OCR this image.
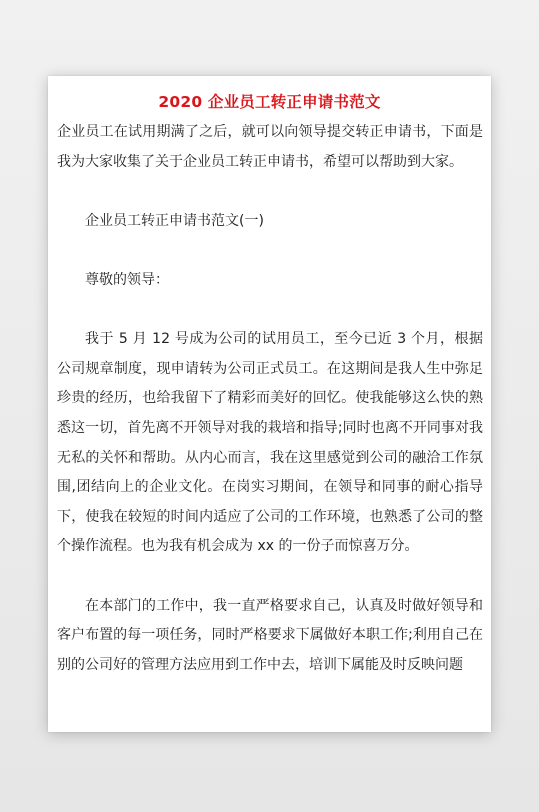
2020 企业员工转正申请书范文

企业员工在试用期满了之后，就可以向领导提交转正申请书，下面是我为大家收集了关于企业员工转正申请书，希望可以帮助到大家。

企业员工转正申请书范文(一)

尊敬的领导：

我于 5 月 12 号成为公司的试用员工，至今已近 3 个月，根据公司规章制度，现申请转为公司正式员工。在这期间是我人生中弥足珍贵的经历，也给我留下了精彩而美好的回忆。使我能够这么快的熟悉这一切，首先离不开领导对我的栽培和指导;同时也离不开同事对我无私的关怀和帮助。从内心而言，我在这里感觉到公司的融洽工作氛围,团结向上的企业文化。在岗实习期间，在领导和同事的耐心指导下，使我在较短的时间内适应了公司的工作环境，也熟悉了公司的整个操作流程。也为我有机会成为 xx 的一份子而惊喜万分。

在本部门的工作中，我一直严格要求自己，认真及时做好领导和客户布置的每一项任务，同时严格要求下属做好本职工作;利用自己在别的公司好的管理方法应用到工作中去，培训下属能及时反映问题
